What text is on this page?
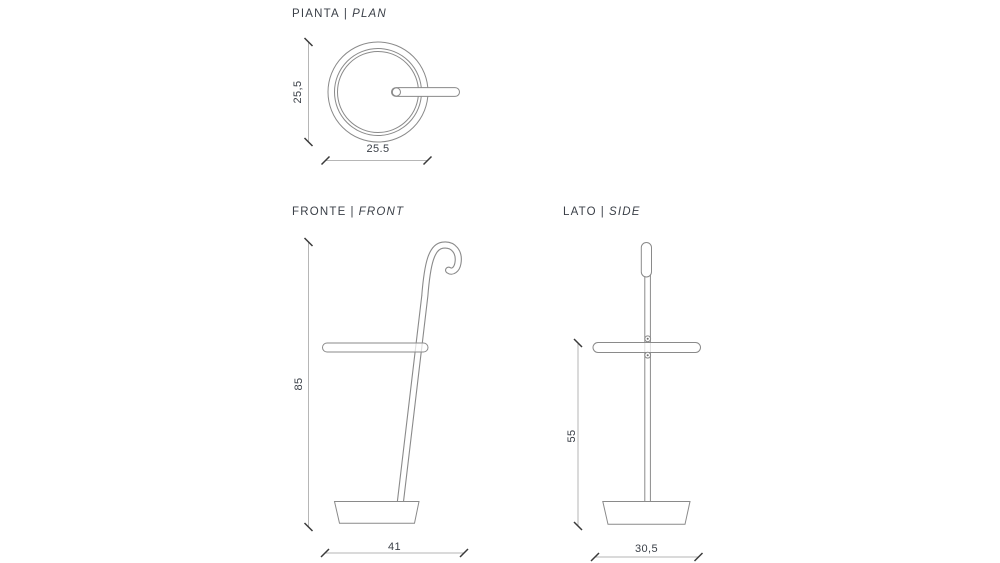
PIANTA | PLAN
FRONTE | FRONT	LATO | SIDE
25,5
25.5
85
41
55
30,5
